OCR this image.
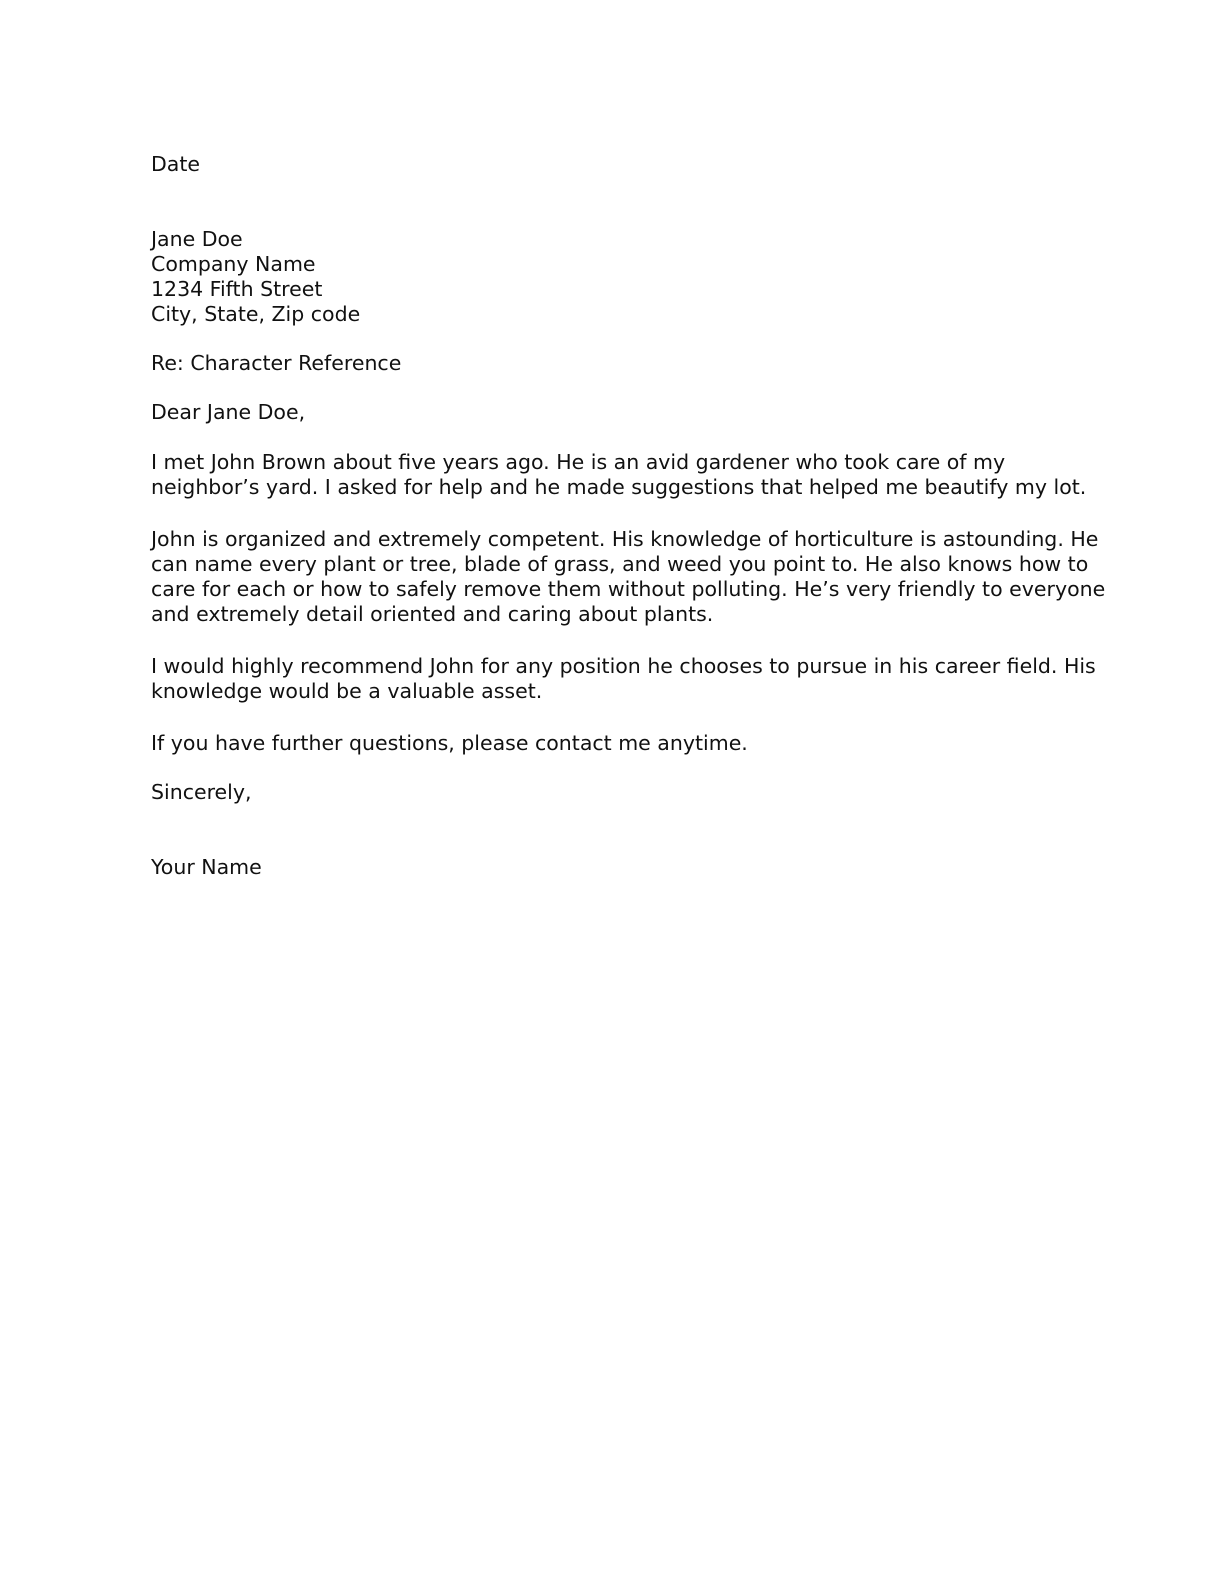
Date
Jane Doe
Company Name
1234 Fifth Street
City, State, Zip code
Re: Character Reference
Dear Jane Doe,
I met John Brown about five years ago. He is an avid gardener who took care of my
neighbor’s yard. I asked for help and he made suggestions that helped me beautify my lot.
John is organized and extremely competent. His knowledge of horticulture is astounding. He
can name every plant or tree, blade of grass, and weed you point to. He also knows how to
care for each or how to safely remove them without polluting. He’s very friendly to everyone
and extremely detail oriented and caring about plants.
I would highly recommend John for any position he chooses to pursue in his career field. His
knowledge would be a valuable asset.
If you have further questions, please contact me anytime.
Sincerely,
Your Name
